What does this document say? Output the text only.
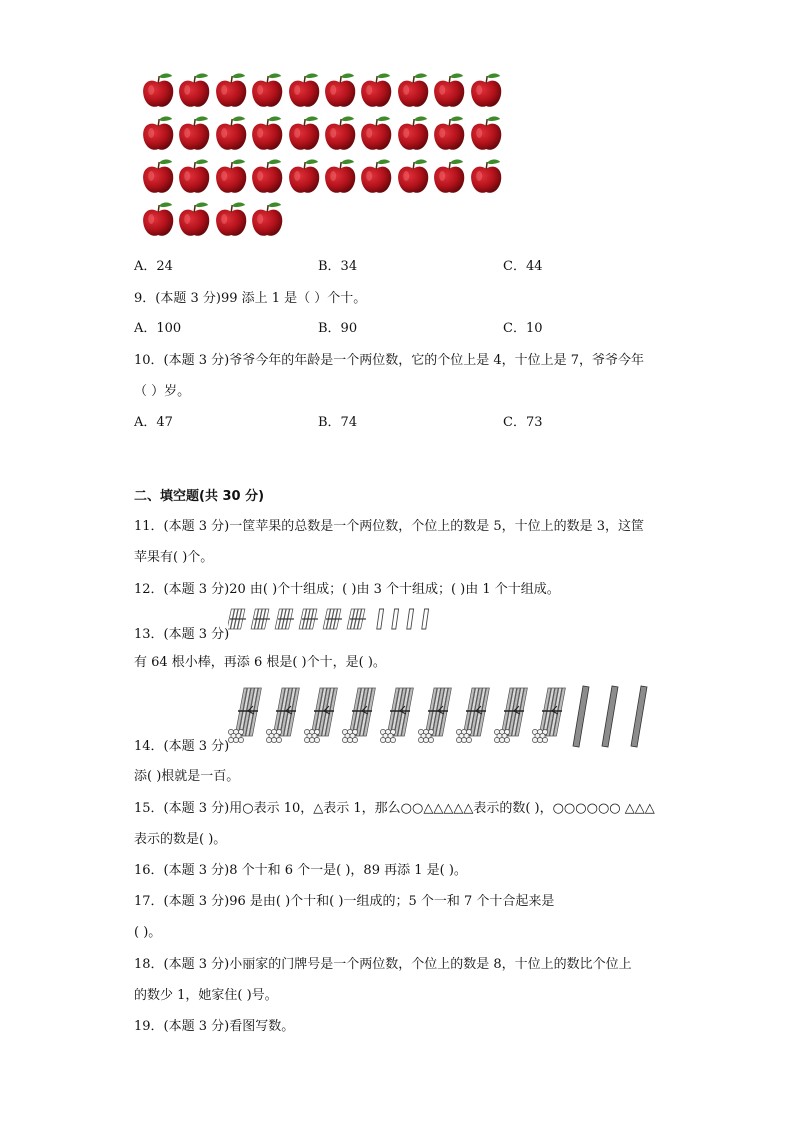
A．24	B．34	C．44
9．(本题 3 分)99 添上 1 是（ ）个十。
A．100	B．90	C．10
10．(本题 3 分)爷爷今年的年龄是一个两位数，它的个位上是 4，十位上是 7，爷爷今年
（ ）岁。
A．47	B．74	C．73
二、填空题(共 30 分)
11．(本题 3 分)一筐苹果的总数是一个两位数，个位上的数是 5，十位上的数是 3，这筐
苹果有( )个。
12．(本题 3 分)20 由( )个十组成；( )由 3 个十组成；( )由 1 个十组成。
13．(本题 3 分)
有 64 根小棒，再添 6 根是( )个十，是( )。
14．(本题 3 分)
添( )根就是一百。
15．(本题 3 分)用○表示 10，△表示 1，那么○○△△△△△表示的数( )，○○○○○○ △△△
表示的数是( )。
16．(本题 3 分)8 个十和 6 个一是( )，89 再添 1 是( )。
17．(本题 3 分)96 是由( )个十和( )一组成的；5 个一和 7 个十合起来是
( )。
18．(本题 3 分)小丽家的门牌号是一个两位数，个位上的数是 8，十位上的数比个位上
的数少 1，她家住( )号。
19．(本题 3 分)看图写数。
